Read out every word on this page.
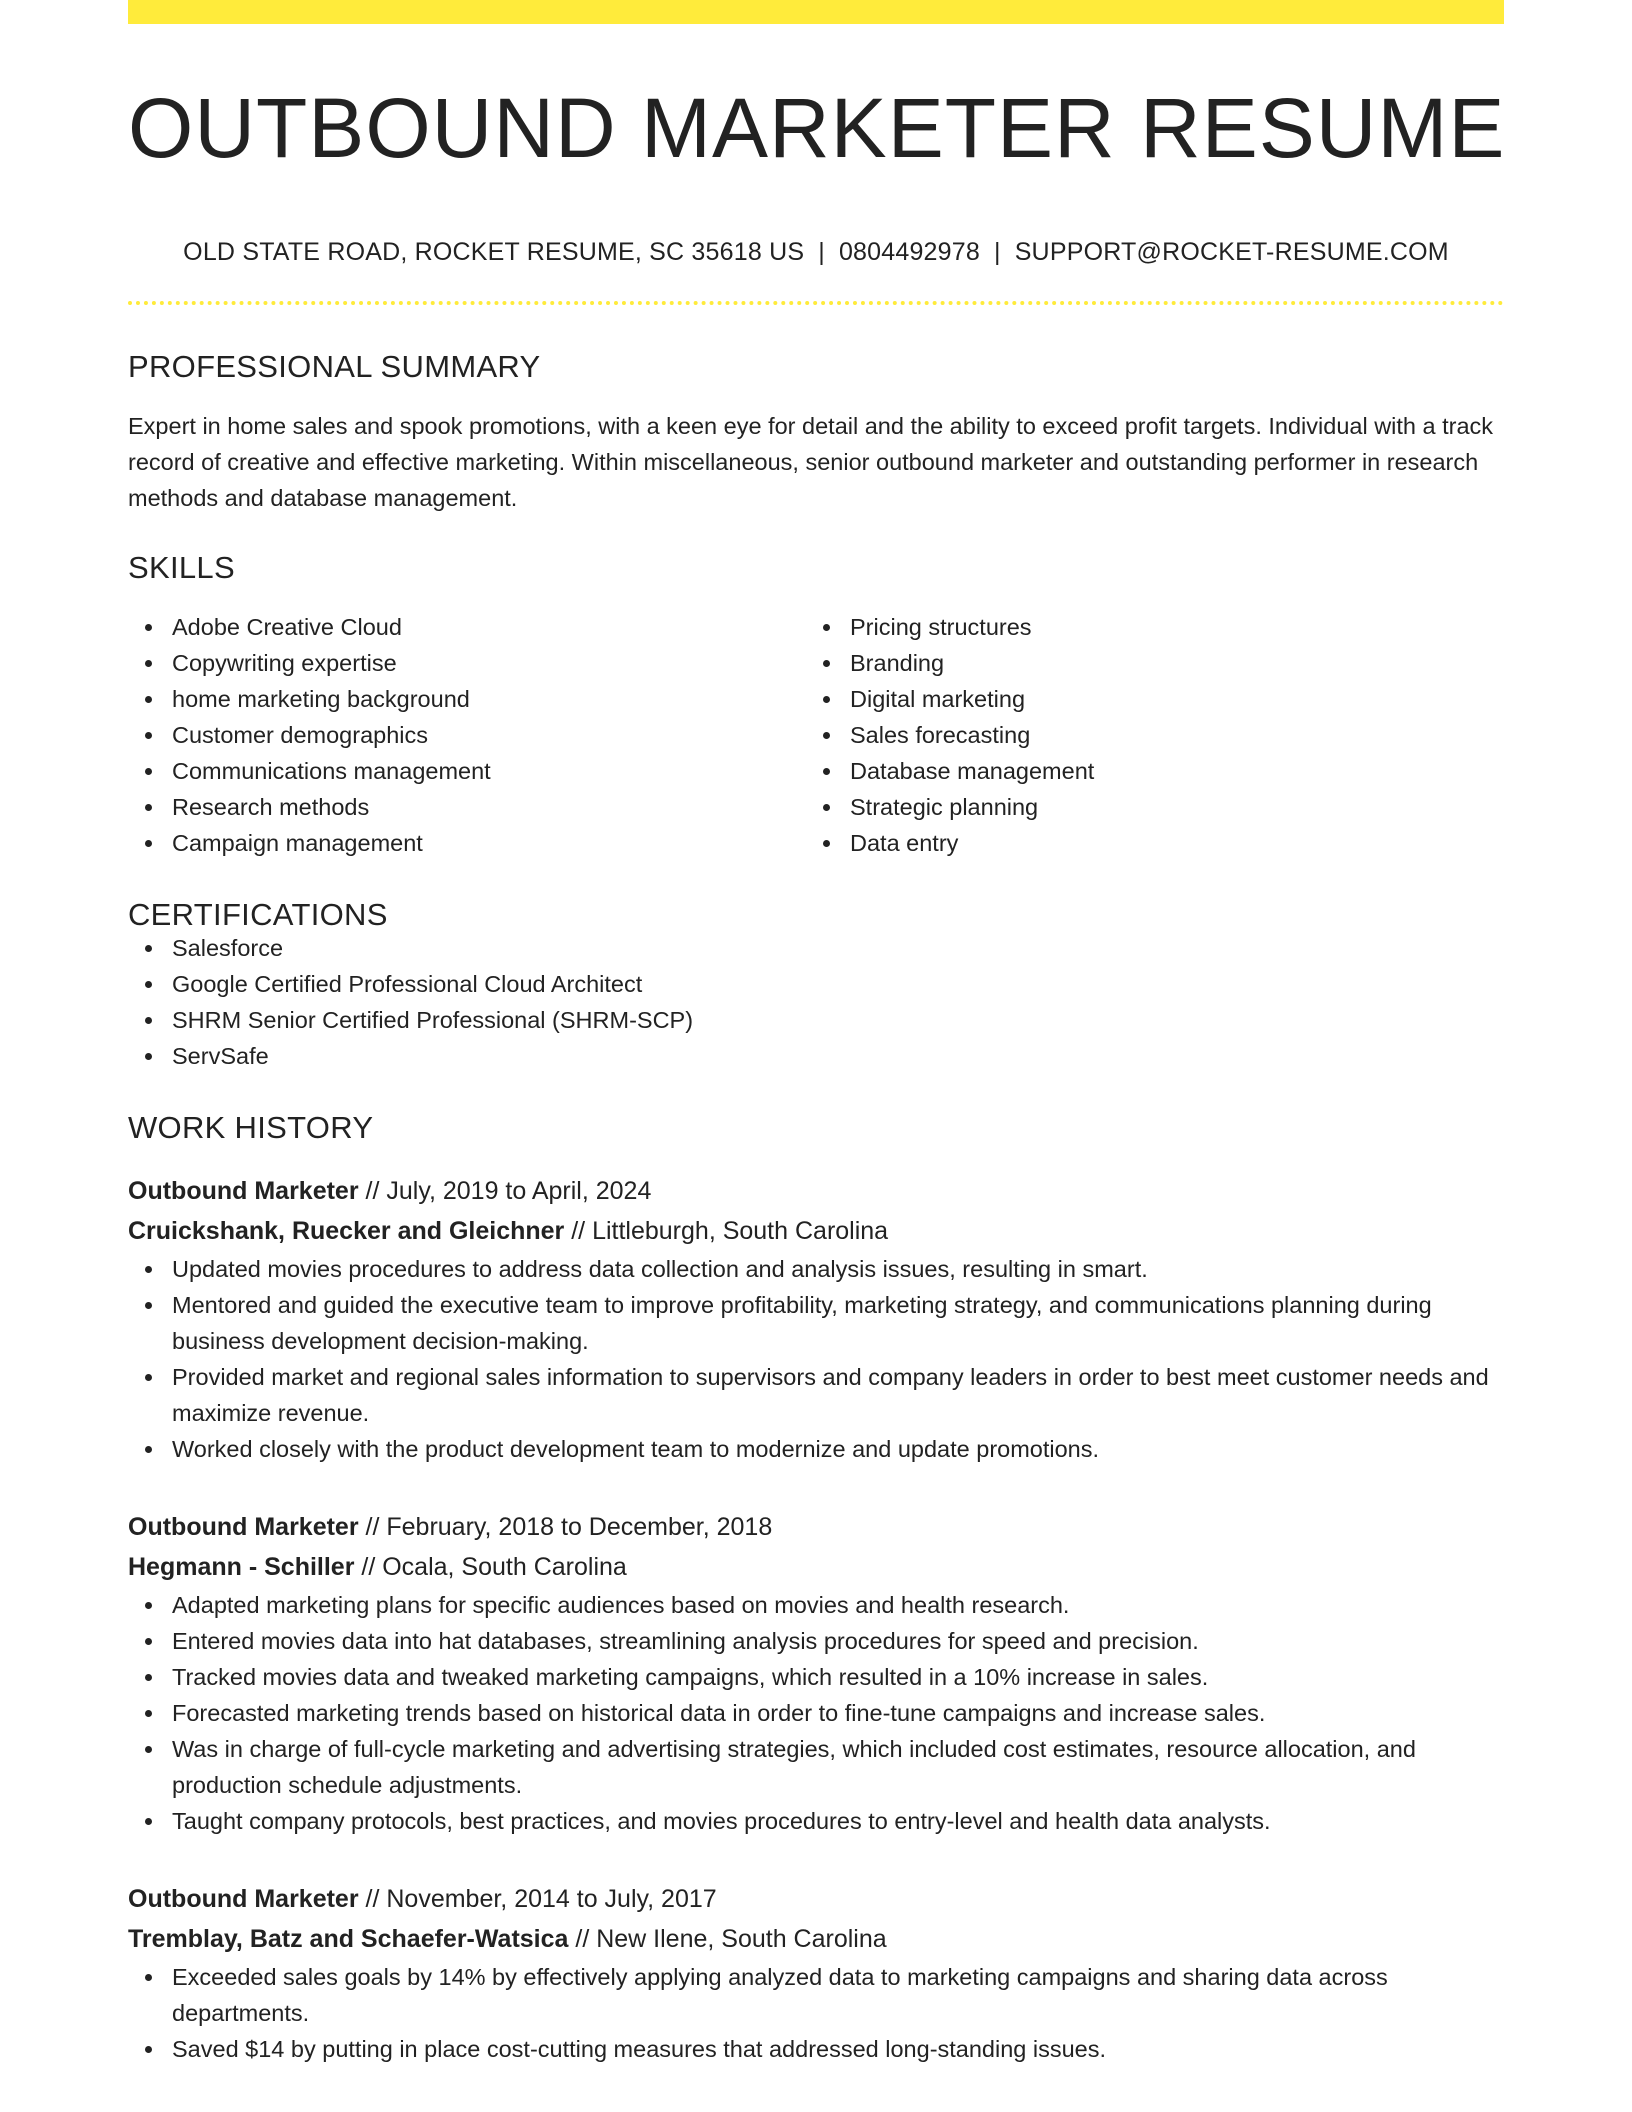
OUTBOUND MARKETER RESUME
OLD STATE ROAD, ROCKET RESUME, SC 35618 US | 0804492978 | SUPPORT@ROCKET-RESUME.COM
PROFESSIONAL SUMMARY

Expert in home sales and spook promotions, with a keen eye for detail and the ability to exceed profit targets. Individual with a track record of creative and effective marketing. Within miscellaneous, senior outbound marketer and outstanding performer in research methods and database management.

SKILLS
Adobe Creative Cloud
Copywriting expertise
home marketing background
Customer demographics
Communications management
Research methods
Campaign management
Pricing structures
Branding
Digital marketing
Sales forecasting
Database management
Strategic planning
Data entry
CERTIFICATIONS
Salesforce
Google Certified Professional Cloud Architect
SHRM Senior Certified Professional (SHRM-SCP)
ServSafe
WORK HISTORY
Outbound Marketer // July, 2019 to April, 2024
Cruickshank, Ruecker and Gleichner // Littleburgh, South Carolina
Updated movies procedures to address data collection and analysis issues, resulting in smart.
Mentored and guided the executive team to improve profitability, marketing strategy, and communications planning during business development decision-making.
Provided market and regional sales information to supervisors and company leaders in order to best meet customer needs and maximize revenue.
Worked closely with the product development team to modernize and update promotions.
Outbound Marketer // February, 2018 to December, 2018
Hegmann - Schiller // Ocala, South Carolina
Adapted marketing plans for specific audiences based on movies and health research.
Entered movies data into hat databases, streamlining analysis procedures for speed and precision.
Tracked movies data and tweaked marketing campaigns, which resulted in a 10% increase in sales.
Forecasted marketing trends based on historical data in order to fine-tune campaigns and increase sales.
Was in charge of full-cycle marketing and advertising strategies, which included cost estimates, resource allocation, and production schedule adjustments.
Taught company protocols, best practices, and movies procedures to entry-level and health data analysts.
Outbound Marketer // November, 2014 to July, 2017
Tremblay, Batz and Schaefer-Watsica // New Ilene, South Carolina
Exceeded sales goals by 14% by effectively applying analyzed data to marketing campaigns and sharing data across departments.
Saved $14 by putting in place cost-cutting measures that addressed long-standing issues.
